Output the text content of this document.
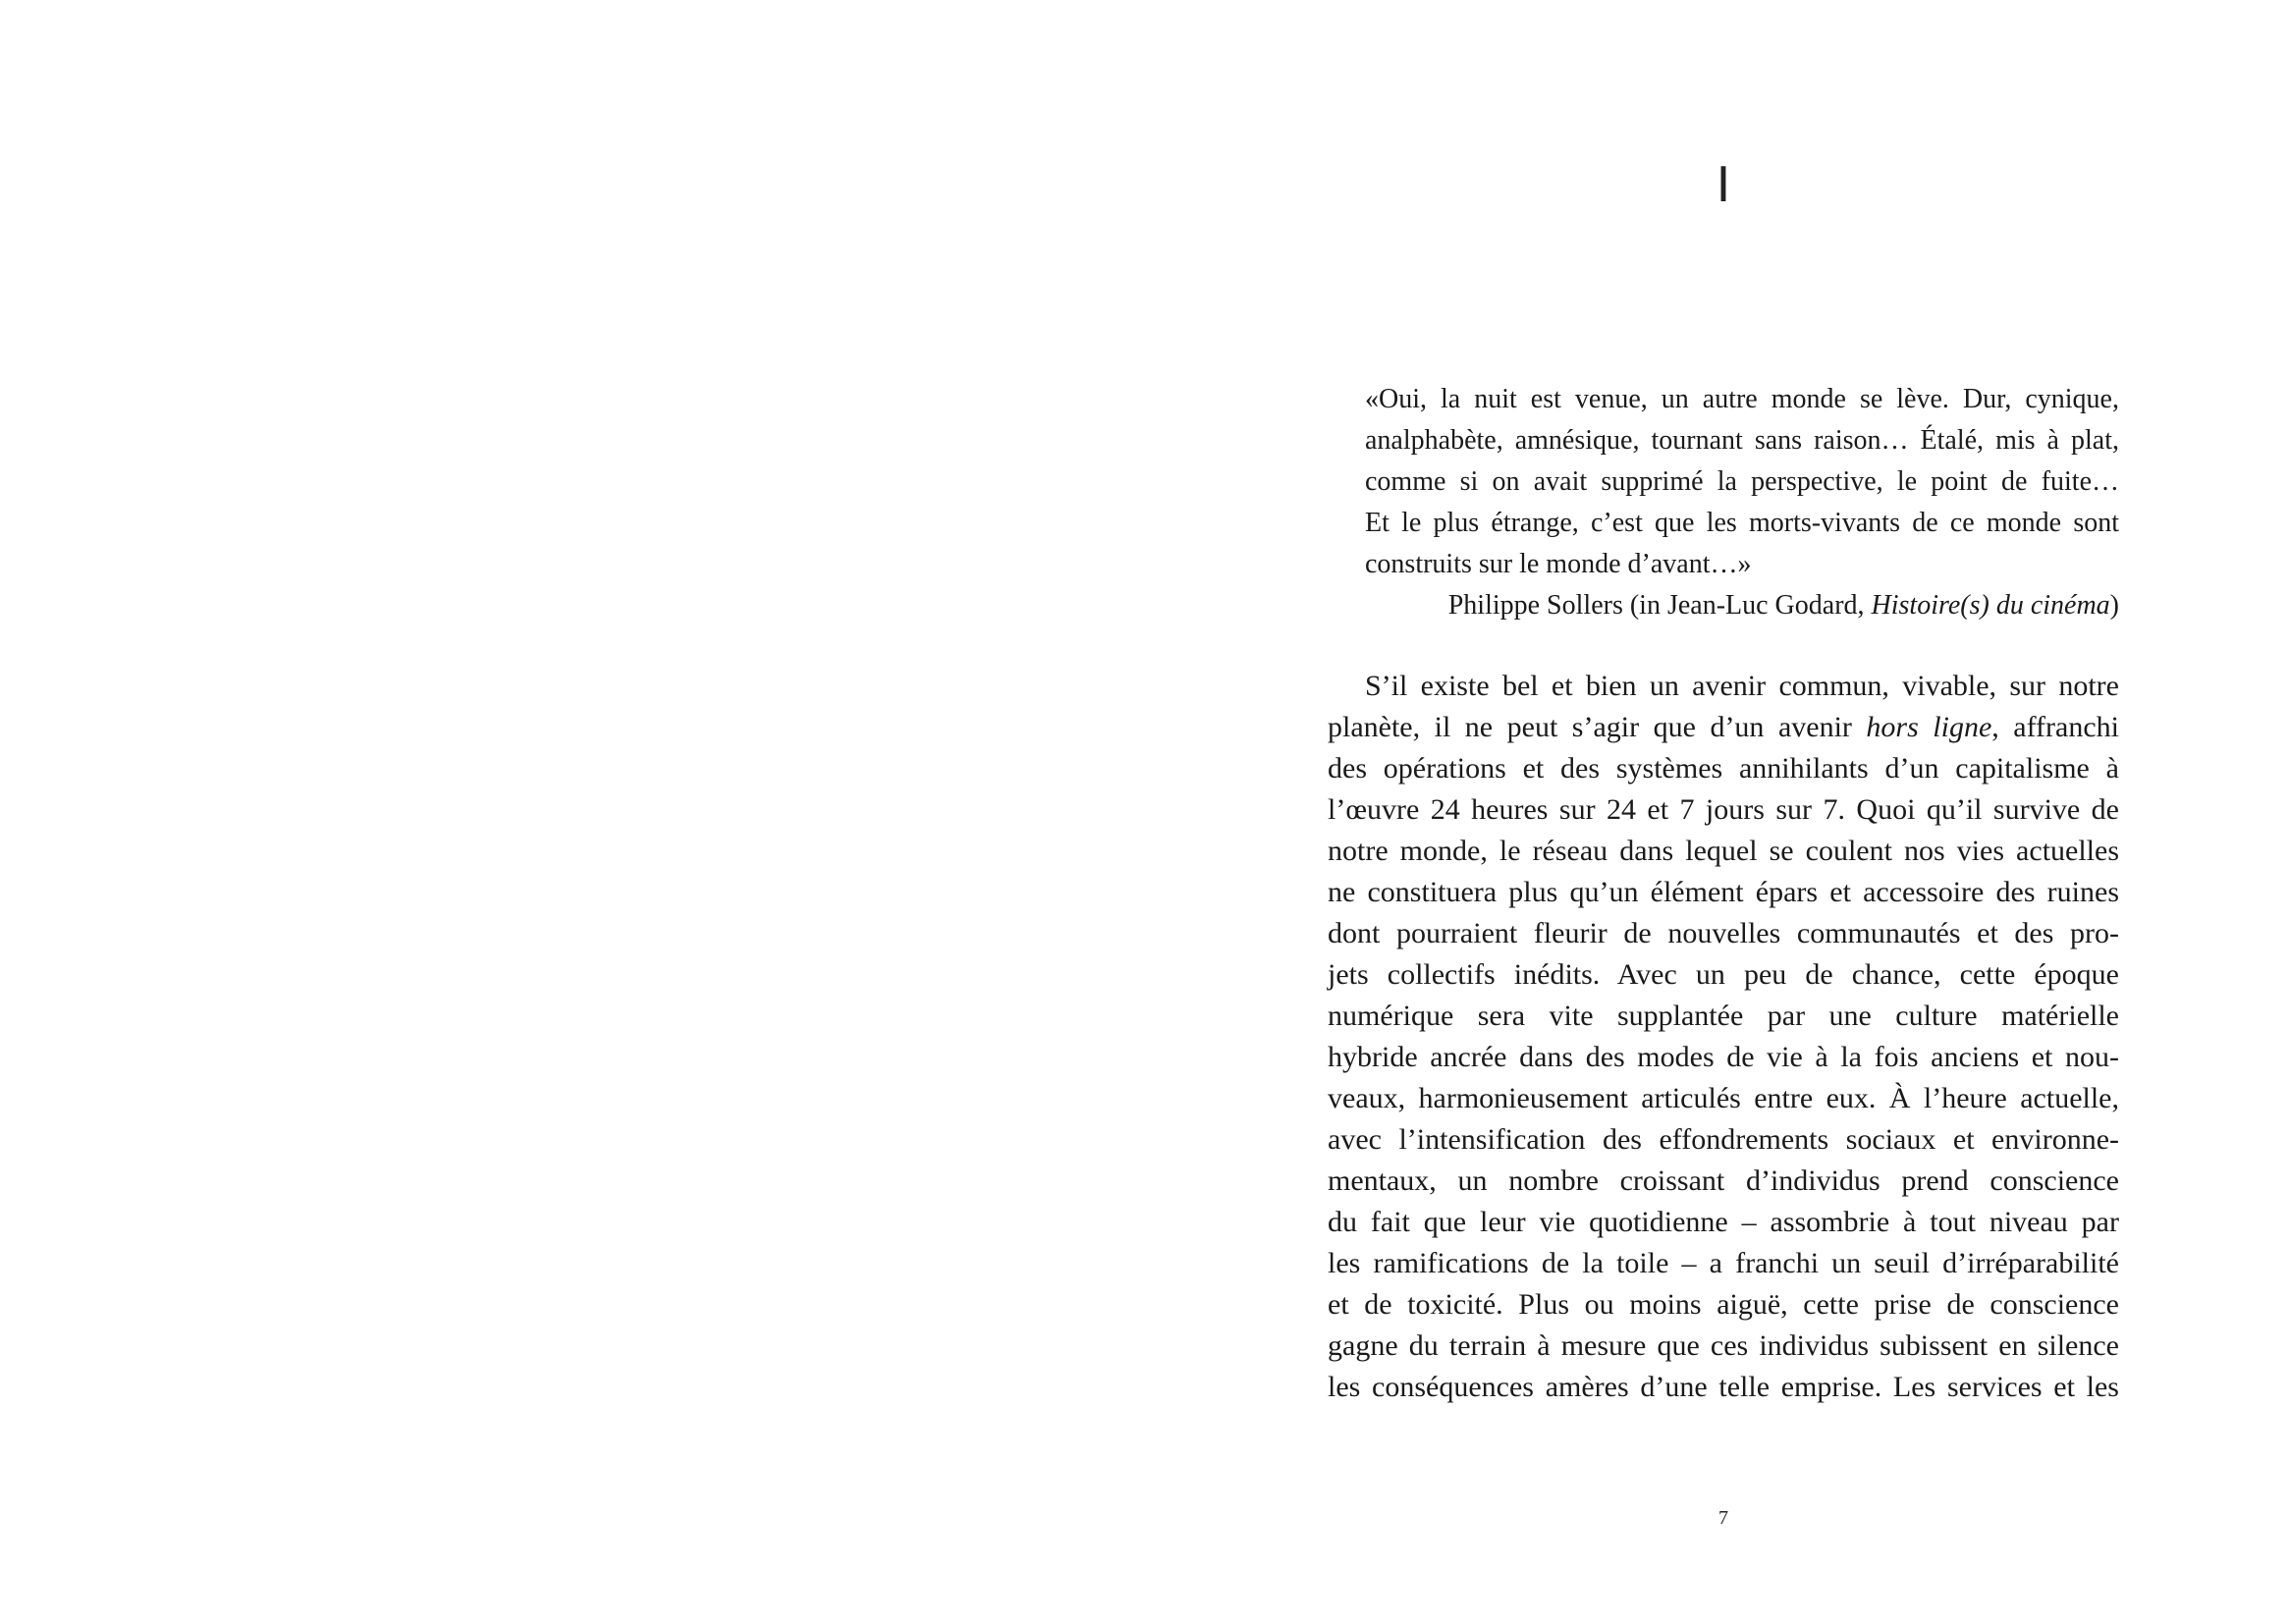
I
«Oui, la nuit est venue, un autre monde se lève. Dur, cynique,
analphabète, amnésique, tournant sans raison… Étalé, mis à plat,
comme si on avait supprimé la perspective, le point de fuite…
Et le plus étrange, c’est que les morts-vivants de ce monde sont
construits sur le monde d’avant…»
Philippe Sollers (in Jean-Luc Godard, Histoire(s) du cinéma)
S’il existe bel et bien un avenir commun, vivable, sur notre
planète, il ne peut s’agir que d’un avenir hors ligne, affranchi
des opérations et des systèmes annihilants d’un capitalisme à
l’œuvre 24 heures sur 24 et 7 jours sur 7. Quoi qu’il survive de
notre monde, le réseau dans lequel se coulent nos vies actuelles
ne constituera plus qu’un élément épars et accessoire des ruines
dont pourraient fleurir de nouvelles communautés et des pro-
jets collectifs inédits. Avec un peu de chance, cette époque
numérique sera vite supplantée par une culture matérielle
hybride ancrée dans des modes de vie à la fois anciens et nou-
veaux, harmonieusement articulés entre eux. À l’heure actuelle,
avec l’intensification des effondrements sociaux et environne-
mentaux, un nombre croissant d’individus prend conscience
du fait que leur vie quotidienne – assombrie à tout niveau par
les ramifications de la toile – a franchi un seuil d’irréparabilité
et de toxicité. Plus ou moins aiguë, cette prise de conscience
gagne du terrain à mesure que ces individus subissent en silence
les conséquences amères d’une telle emprise. Les services et les
7
